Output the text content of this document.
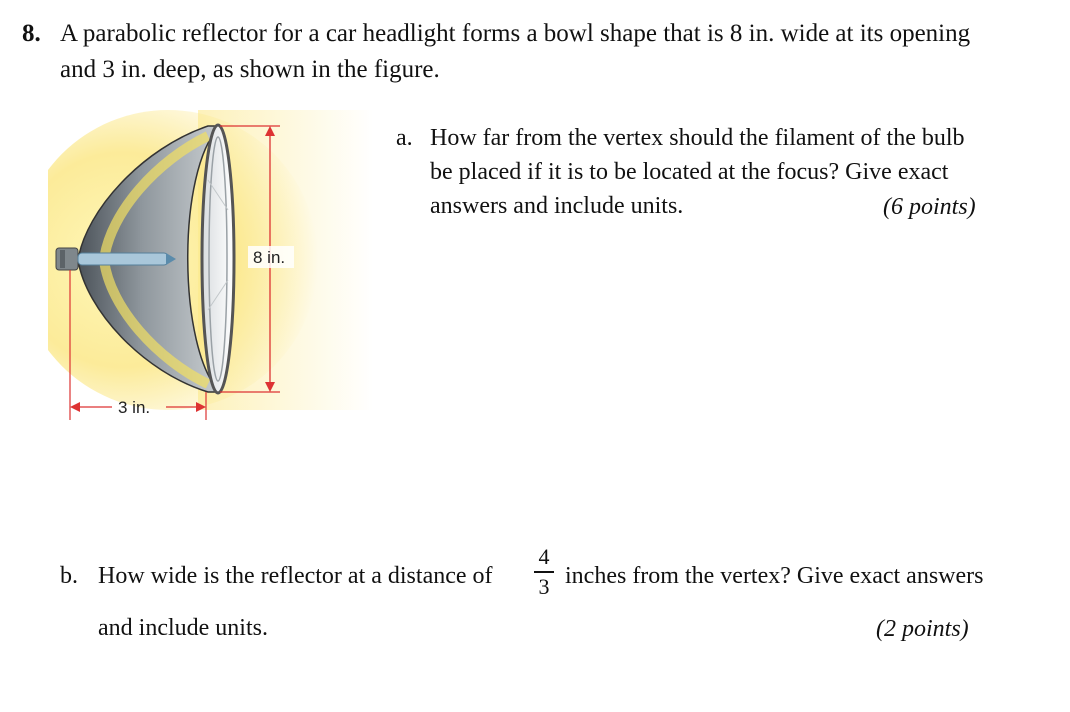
8. A parabolic reflector for a car headlight forms a bowl shape that is 8 in. wide at its opening
and 3 in. deep, as shown in the figure.
8 in.
3 in.
a. How far from the vertex should the filament of the bulb
be placed if it is to be located at the focus? Give exact
answers and include units.	(6 points)
b. How wide is the reflector at a distance of
4
3 inches from the vertex? Give exact answers
and include units.	(2 points)
